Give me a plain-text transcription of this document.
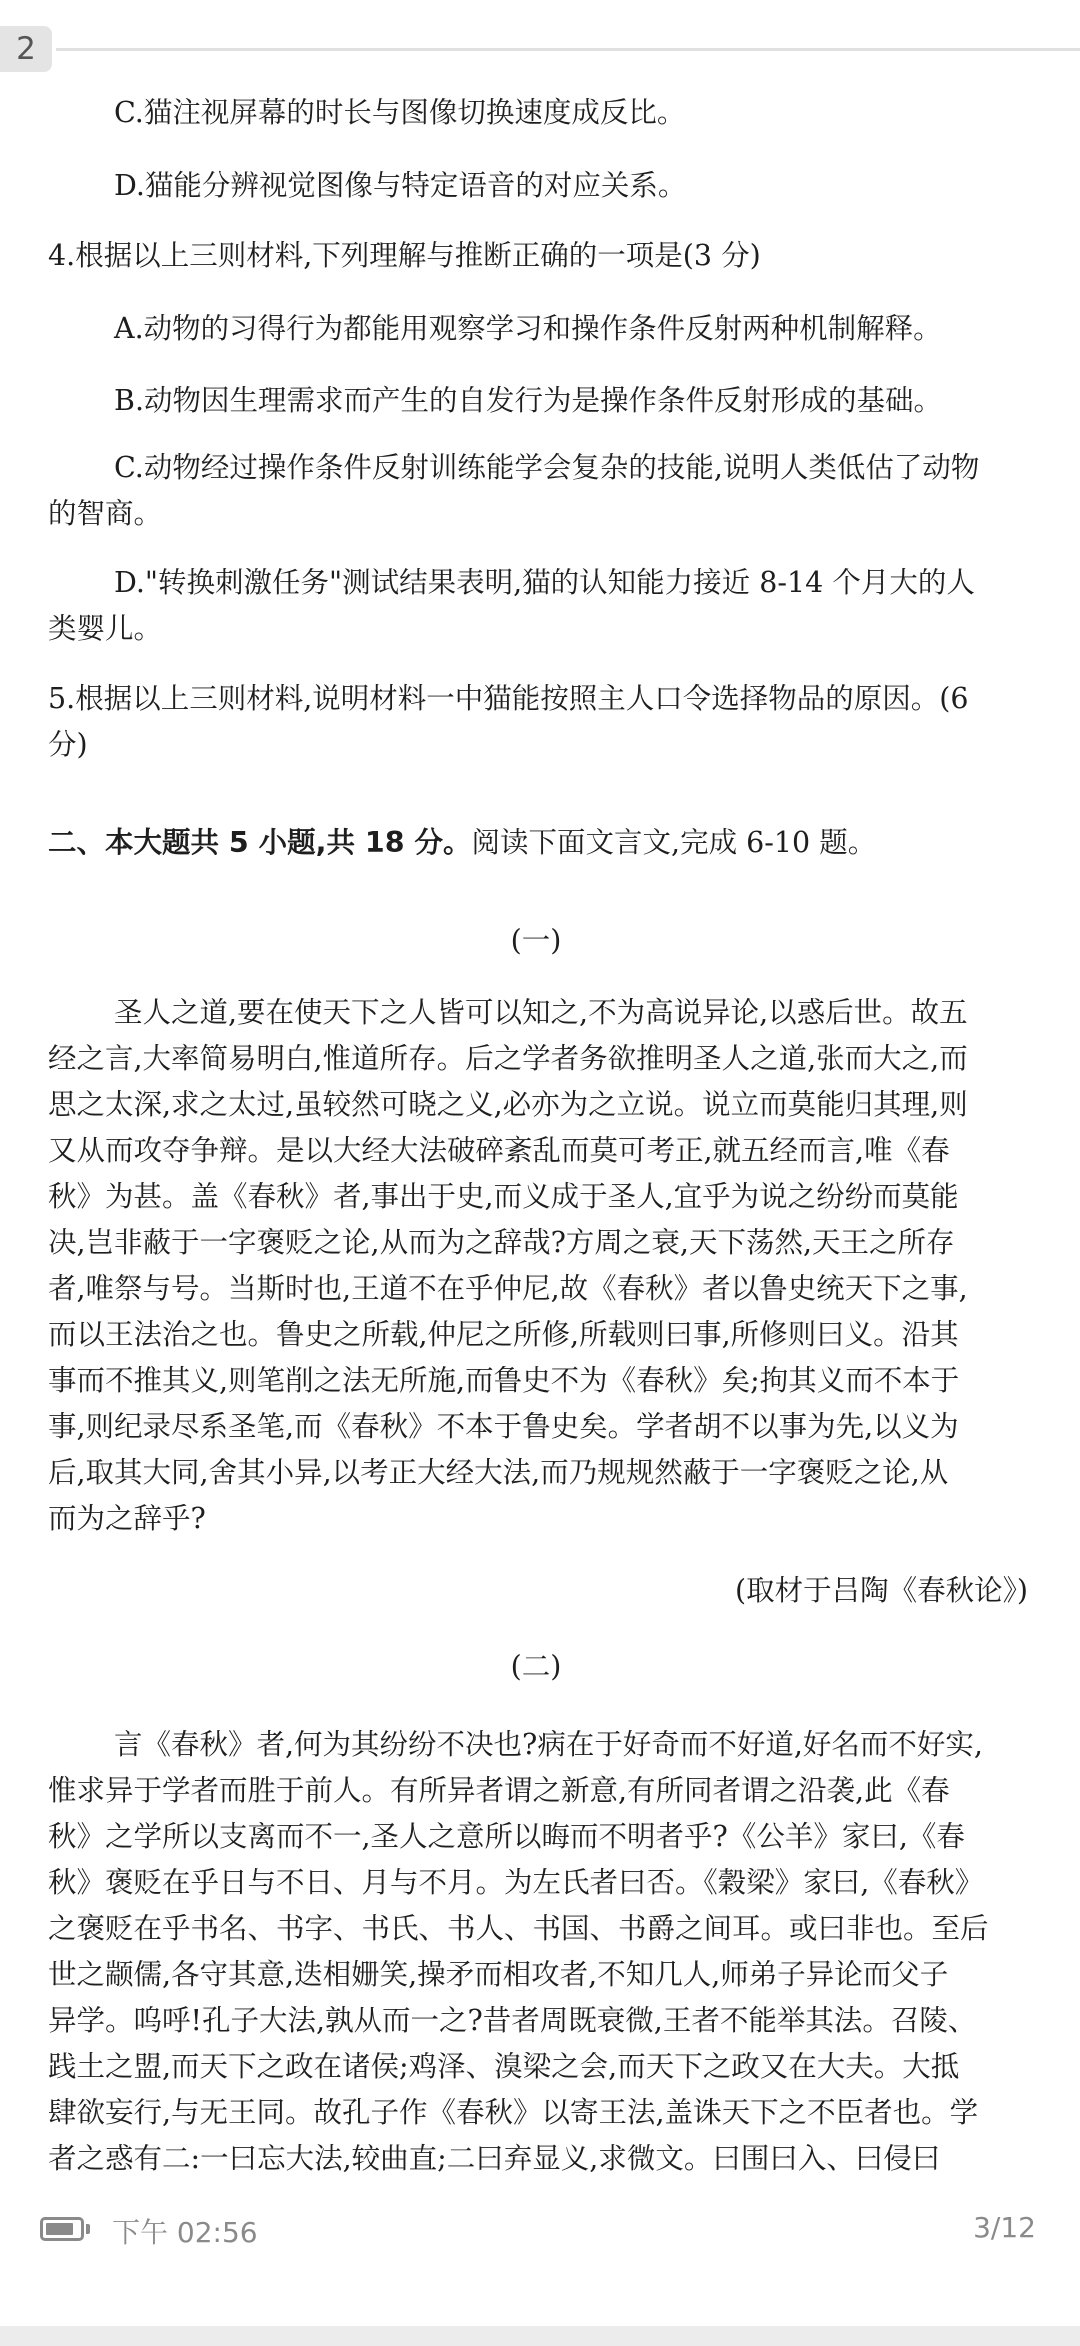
2

C.猫注视屏幕的时长与图像切换速度成反比。

D.猫能分辨视觉图像与特定语音的对应关系。

4.根据以上三则材料,下列理解与推断正确的一项是(3 分)

A.动物的习得行为都能用观察学习和操作条件反射两种机制解释。

B.动物因生理需求而产生的自发行为是操作条件反射形成的基础。

C.动物经过操作条件反射训练能学会复杂的技能,说明人类低估了动物

的智商。

D."转换刺激任务"测试结果表明,猫的认知能力接近 8-14 个月大的人

类婴儿。

5.根据以上三则材料,说明材料一中猫能按照主人口令选择物品的原因。(6

分)

二、本大题共 5 小题,共 18 分。阅读下面文言文,完成 6-10 题。

(一)

圣人之道,要在使天下之人皆可以知之,不为高说异论,以惑后世。故五

经之言,大率简易明白,惟道所存。后之学者务欲推明圣人之道,张而大之,而

思之太深,求之太过,虽较然可晓之义,必亦为之立说。说立而莫能归其理,则

又从而攻夺争辩。是以大经大法破碎紊乱而莫可考正,就五经而言,唯《春

秋》为甚。盖《春秋》者,事出于史,而义成于圣人,宜乎为说之纷纷而莫能

决,岂非蔽于一字褒贬之论,从而为之辞哉?方周之衰,天下荡然,天王之所存

者,唯祭与号。当斯时也,王道不在乎仲尼,故《春秋》者以鲁史统天下之事,

而以王法治之也。鲁史之所载,仲尼之所修,所载则曰事,所修则曰义。沿其

事而不推其义,则笔削之法无所施,而鲁史不为《春秋》矣;拘其义而不本于

事,则纪录尽系圣笔,而《春秋》不本于鲁史矣。学者胡不以事为先,以义为

后,取其大同,舍其小异,以考正大经大法,而乃规规然蔽于一字褒贬之论,从

而为之辞乎?

(取材于吕陶《春秋论》)

(二)

言《春秋》者,何为其纷纷不决也?病在于好奇而不好道,好名而不好实,

惟求异于学者而胜于前人。有所异者谓之新意,有所同者谓之沿袭,此《春

秋》之学所以支离而不一,圣人之意所以晦而不明者乎?《公羊》家曰,《春

秋》褒贬在乎日与不日、月与不月。为左氏者曰否。《穀梁》家曰,《春秋》

之褒贬在乎书名、书字、书氏、书人、书国、书爵之间耳。或曰非也。至后

世之颛儒,各守其意,迭相姗笑,操矛而相攻者,不知几人,师弟子异论而父子

异学。呜呼!孔子大法,孰从而一之?昔者周既衰微,王者不能举其法。召陵、

践土之盟,而天下之政在诸侯;鸡泽、溴梁之会,而天下之政又在大夫。大抵

肆欲妄行,与无王同。故孔子作《春秋》以寄王法,盖诛天下之不臣者也。学

者之惑有二:一曰忘大法,较曲直;二曰弃显义,求微文。曰围曰入、曰侵曰

下午 02:56	3/12
